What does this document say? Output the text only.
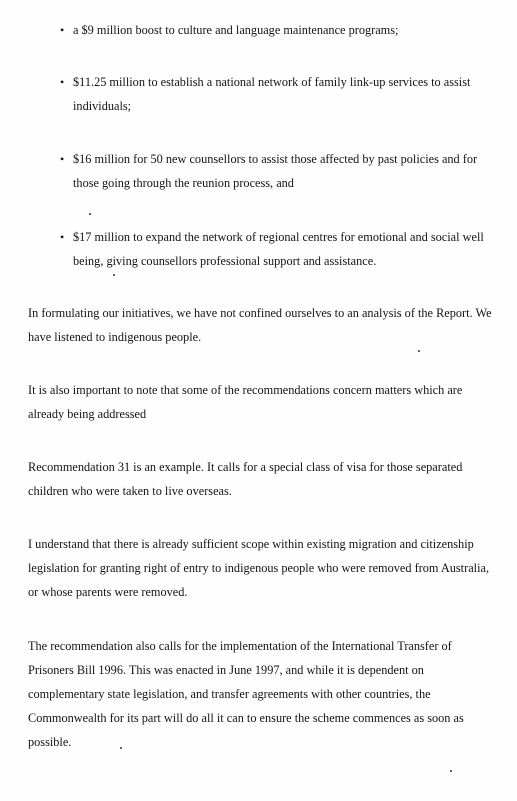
• a $9 million boost to culture and language maintenance programs;
• $11.25 million to establish a national network of family link-up services to assist individuals;
• $16 million for 50 new counsellors to assist those affected by past policies and for those going through the reunion process, and
• $17 million to expand the network of regional centres for emotional and social well being, giving counsellors professional support and assistance.

In formulating our initiatives, we have not confined ourselves to an analysis of the Report. We have listened to indigenous people.

It is also important to note that some of the recommendations concern matters which are already being addressed

Recommendation 31 is an example. It calls for a special class of visa for those separated children who were taken to live overseas.

I understand that there is already sufficient scope within existing migration and citizenship legislation for granting right of entry to indigenous people who were removed from Australia, or whose parents were removed.

The recommendation also calls for the implementation of the International Transfer of Prisoners Bill 1996. This was enacted in June 1997, and while it is dependent on complementary state legislation, and transfer agreements with other countries, the Commonwealth for its part will do all it can to ensure the scheme commences as soon as possible.
